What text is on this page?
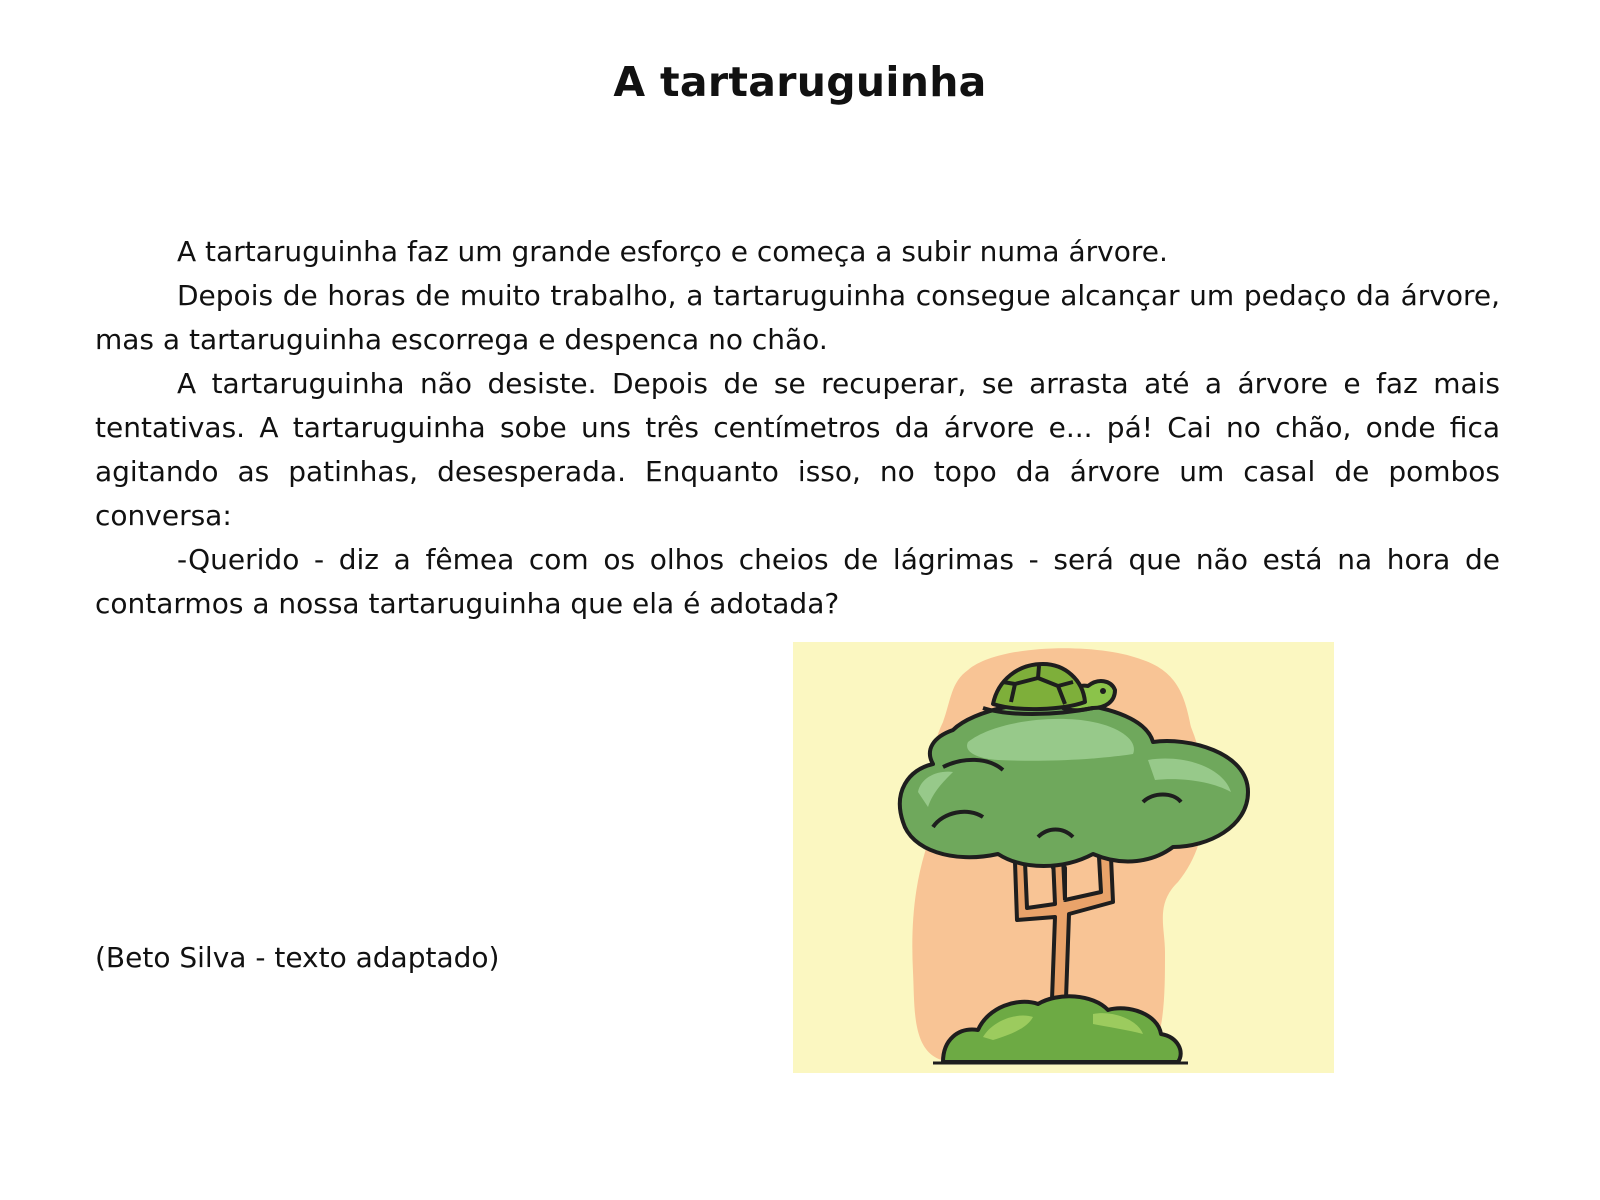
A tartaruguinha

A tartaruguinha faz um grande esforço e começa a subir numa árvore.

Depois de horas de muito trabalho, a tartaruguinha consegue alcançar um pedaço da árvore, mas a tartaruguinha escorrega e despenca no chão.

A tartaruguinha não desiste. Depois de se recuperar, se arrasta até a árvore e faz mais tentativas. A tartaruguinha sobe uns três centímetros da árvore e... pá! Cai no chão, onde fica agitando as patinhas, desesperada. Enquanto isso, no topo da árvore um casal de pombos conversa:

-Querido - diz a fêmea com os olhos cheios de lágrimas - será que não está na hora de contarmos a nossa tartaruguinha que ela é adotada?

(Beto Silva - texto adaptado)
